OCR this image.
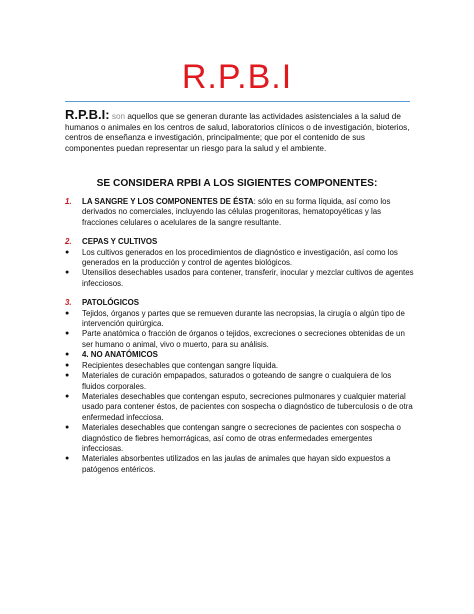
R.P.B.I
R.P.B.I: son aquellos que se generan durante las actividades asistenciales a la salud de humanos o animales en los centros de salud, laboratorios clínicos o de investigación, bioterios, centros de enseñanza e investigación, principalmente; que por el contenido de sus componentes puedan representar un riesgo para la salud y el ambiente.
SE CONSIDERA RPBI A LOS SIGIENTES COMPONENTES:
1.	LA SANGRE Y LOS COMPONENTES DE ÉSTA: sólo en su forma líquida, así como los derivados no comerciales, incluyendo las células progenitoras, hematopoyéticas y las fracciones celulares o acelulares de la sangre resultante.
2.	CEPAS Y CULTIVOS
●	Los cultivos generados en los procedimientos de diagnóstico e investigación, así como los generados en la producción y control de agentes biológicos.
●	Utensilios desechables usados para contener, transferir, inocular y mezclar cultivos de agentes infecciosos.
3.	PATOLÓGICOS
●	Tejidos, órganos y partes que se remueven durante las necropsias, la cirugía o algún tipo de intervención quirúrgica.
●	Parte anatómica o fracción de órganos o tejidos, excreciones o secreciones obtenidas de un ser humano o animal, vivo o muerto, para su análisis.
●	4. NO ANATÓMICOS
●	Recipientes desechables que contengan sangre líquida.
●	Materiales de curación empapados, saturados o goteando de sangre o cualquiera de los fluidos corporales.
●	Materiales desechables que contengan esputo, secreciones pulmonares y cualquier material usado para contener éstos, de pacientes con sospecha o diagnóstico de tuberculosis o de otra enfermedad infecciosa.
●	Materiales desechables que contengan sangre o secreciones de pacientes con sospecha o diagnóstico de fiebres hemorrágicas, así como de otras enfermedades emergentes infecciosas.
●	Materiales absorbentes utilizados en las jaulas de animales que hayan sido expuestos a patógenos entéricos.
